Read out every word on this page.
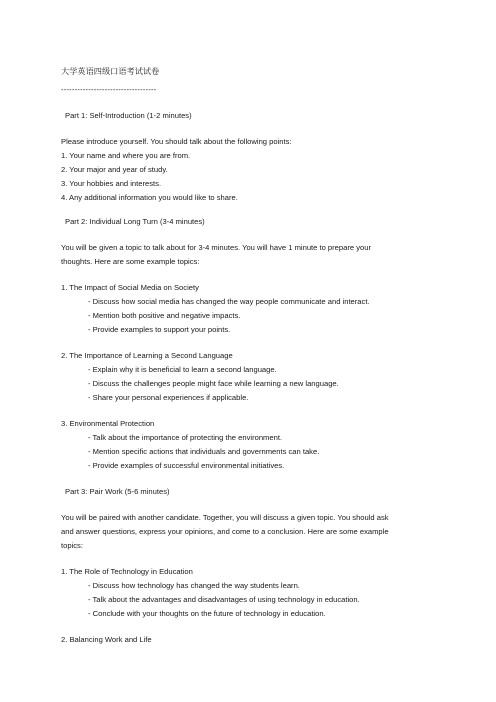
大学英语四级口语考试试卷
-----------------------------------
Part 1: Self-Introduction (1-2 minutes)
Please introduce yourself. You should talk about the following points:
1. Your name and where you are from.
2. Your major and year of study.
3. Your hobbies and interests.
4. Any additional information you would like to share.
Part 2: Individual Long Turn (3-4 minutes)
You will be given a topic to talk about for 3-4 minutes. You will have 1 minute to prepare your
thoughts. Here are some example topics:
1. The Impact of Social Media on Society
- Discuss how social media has changed the way people communicate and interact.
- Mention both positive and negative impacts.
- Provide examples to support your points.
2. The Importance of Learning a Second Language
- Explain why it is beneficial to learn a second language.
- Discuss the challenges people might face while learning a new language.
- Share your personal experiences if applicable.
3. Environmental Protection
- Talk about the importance of protecting the environment.
- Mention specific actions that individuals and governments can take.
- Provide examples of successful environmental initiatives.
Part 3: Pair Work (5-6 minutes)
You will be paired with another candidate. Together, you will discuss a given topic. You should ask
and answer questions, express your opinions, and come to a conclusion. Here are some example
topics:
1. The Role of Technology in Education
- Discuss how technology has changed the way students learn.
- Talk about the advantages and disadvantages of using technology in education.
- Conclude with your thoughts on the future of technology in education.
2. Balancing Work and Life
